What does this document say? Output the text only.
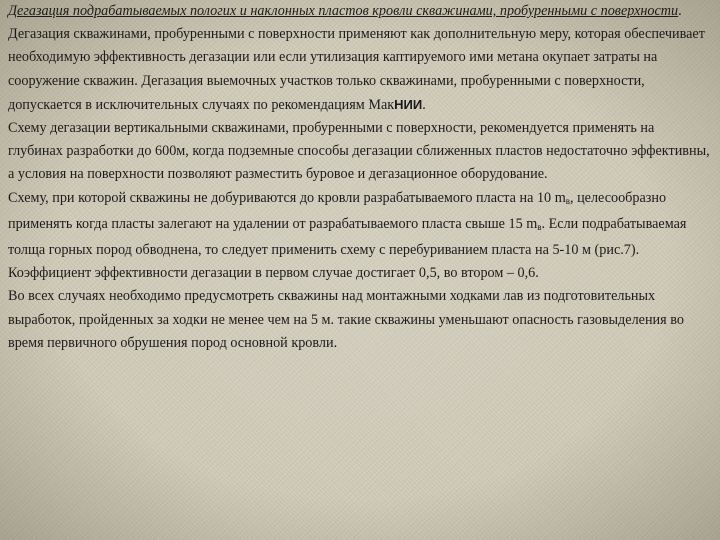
Дегазация подрабатываемых пологих и наклонных пластов кровли скважинами, пробуренными с поверхности.

Дегазация скважинами, пробуренными с поверхности применяют как дополнительную меру, которая обеспечивает необходимую эффективность дегазации или если утилизация каптируемого ими метана окупает затраты на сооружение скважин. Дегазация выемочных участков только скважинами, пробуренными с поверхности, допускается в исключительных случаях по рекомендациям МакНИИ.

Схему дегазации вертикальными скважинами, пробуренными с поверхности, рекомендуется применять на глубинах разработки до 600м, когда подземные способы дегазации сближенных пластов недостаточно эффективны, а условия на поверхности позволяют разместить буровое и дегазационное оборудование.

Схему, при которой скважины не добуриваются до кровли разрабатываемого пласта на 10 $m_в$, целесообразно применять когда пласты залегают на удалении от разрабатываемого пласта свыше 15 $m_в$. Если подрабатываемая толща горных пород обводнена, то следует применить схему с перебуриванием пласта на 5-10 м (рис.7).

Коэффициент эффективности дегазации в первом случае достигает 0,5, во втором – 0,6.

Во всех случаях необходимо предусмотреть скважины над монтажными ходками лав из подготовительных выработок, пройденных за ходки не менее чем на 5 м. такие скважины уменьшают опасность газовыделения во время первичного обрушения пород основной кровли.
